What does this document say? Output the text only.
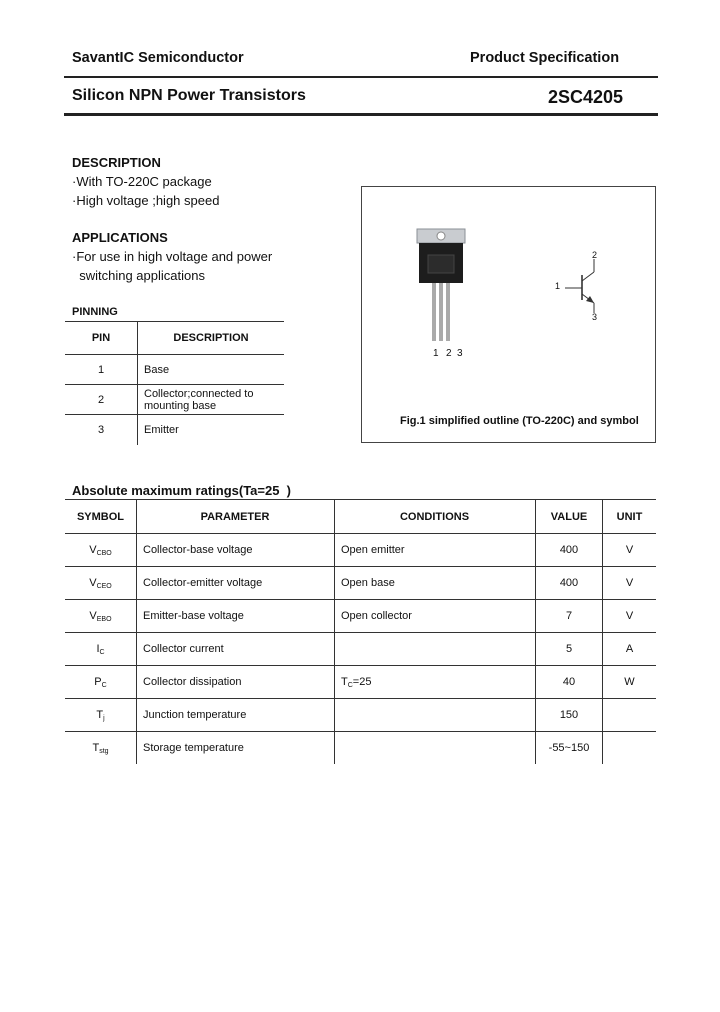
SavantIC Semiconductor	Product Specification
Silicon NPN Power Transistors	2SC4205
DESCRIPTION
·With TO-220C package
·High voltage ;high speed
APPLICATIONS
·For use in high voltage and power
switching applications
PINNING
PIN	DESCRIPTION
1	Base
2	Collector;connected to mounting base
3	Emitter
1 2 3
2
1
3
Fig.1 simplified outline (TO-220C) and symbol
Absolute maximum ratings(Ta=25  )
SYMBOL	PARAMETER	CONDITIONS	VALUE	UNIT
$V_{CBO}$	Collector-base voltage	Open emitter	400	V
$V_{CEO}$	Collector-emitter voltage	Open base	400	V
$V_{EBO}$	Emitter-base voltage	Open collector	7	V
$I_C$	Collector current		5	A
$P_C$	Collector dissipation	$T_C=25$	40	W
$T_j$	Junction temperature		150	
$T_{stg}$	Storage temperature		-55~150	
